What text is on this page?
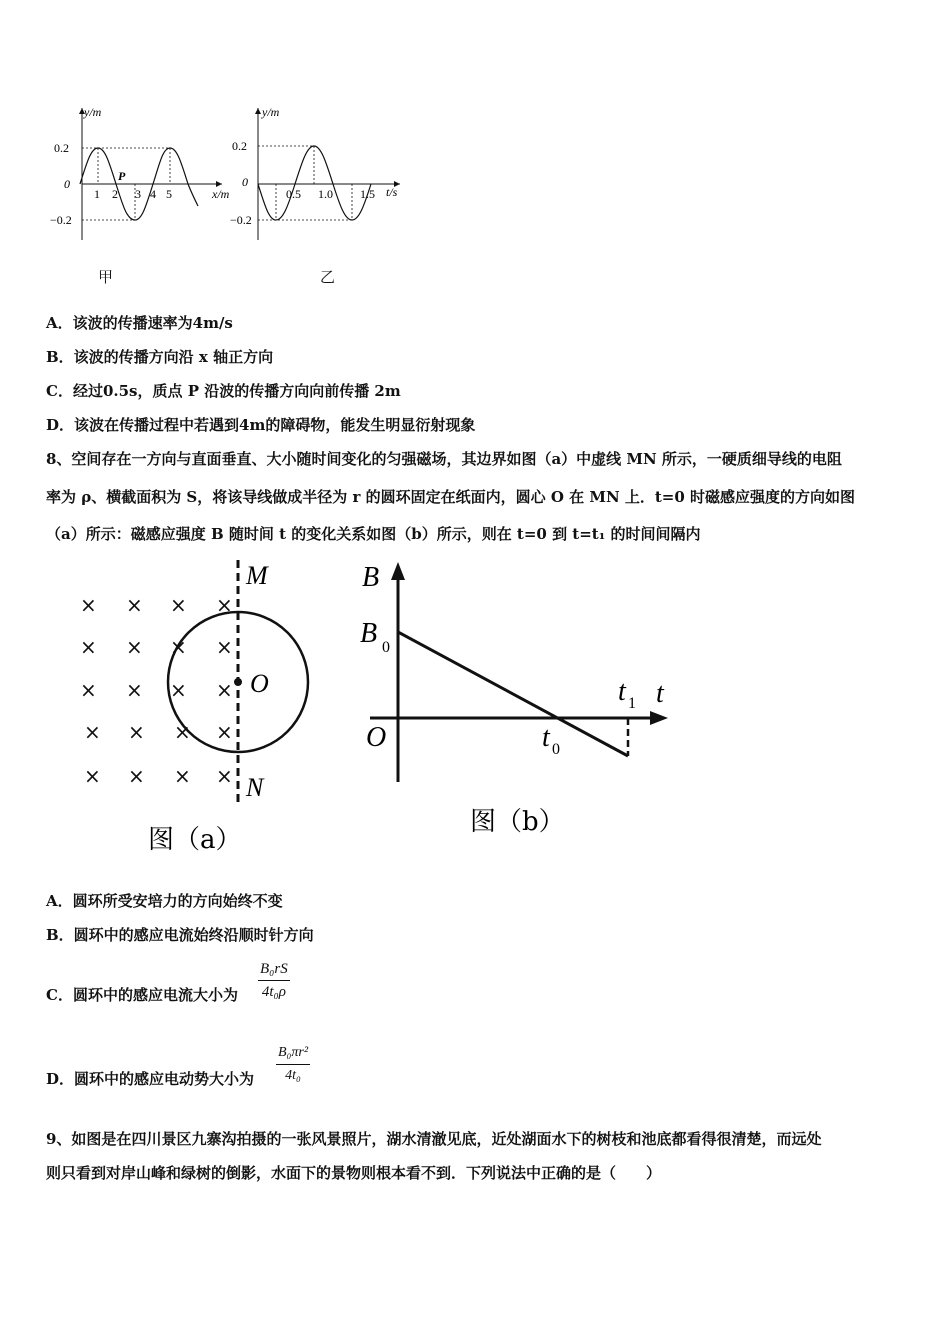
y/m
x/m
0.2
0
−0.2
1 2 3 4 5
P
甲
y/m
t/s
0.2
0
−0.2
0.5 1.0 1.5
乙
A．该波的传播速率为4m/s
B．该波的传播方向沿 x 轴正方向
C．经过0.5s，质点 P 沿波的传播方向向前传播 2m
D．该波在传播过程中若遇到4m的障碍物，能发生明显衍射现象
8、空间存在一方向与直面垂直、大小随时间变化的匀强磁场，其边界如图（a）中虚线 MN 所示，一硬质细导线的电阻
率为 ρ、横截面积为 S，将该导线做成半径为 r 的圆环固定在纸面内，圆心 O 在 MN 上．t=0 时磁感应强度的方向如图
（a）所示：磁感应强度 B 随时间 t 的变化关系如图（b）所示，则在 t=0 到 t=t₁ 的时间间隔内
× × × ×
× × × ×
× × × ×
× × × ×
× × × ×
M
O
N
图（a）
B
B 0
O
t
t 0
t 1
图（b）
A．圆环所受安培力的方向始终不变
B．圆环中的感应电流始终沿顺时针方向
C．圆环中的感应电流大小为 $\frac{\text{B₀rS}}{\text{4t₀ρ}}$
D．圆环中的感应电动势大小为 $\frac{\text{B₀πr²}}{\text{4t₀}}$
9、如图是在四川景区九寨沟拍摄的一张风景照片，湖水清澈见底，近处湖面水下的树枝和池底都看得很清楚，而远处
则只看到对岸山峰和绿树的倒影，水面下的景物则根本看不到．下列说法中正确的是（　　）
